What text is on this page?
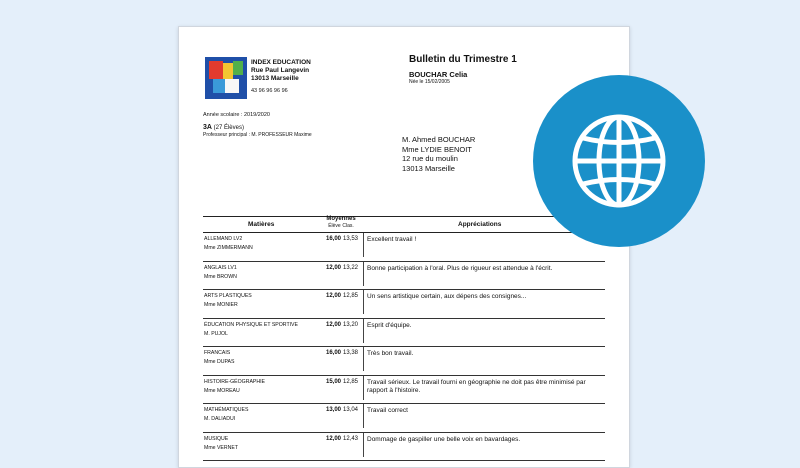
INDEX EDUCATION
Rue Paul Langevin
13013 Marseille
43 96 96 96 96
Bulletin du Trimestre 1
BOUCHAR Celia
Née le 15/02/2005
Année scolaire : 2019/2020
3A (27 Élèves)
Professeur principal : M. PROFESSEUR Maxime	M. Ahmed BOUCHAR
Mme LYDIE BENOIT
12 rue du moulin
13013 Marseille
Matières
Moyennes
Élève Clas.	Appréciations
ALLEMAND LV2
Mme ZIMMERMANN
16,00 13,53	Excellent travail !
ANGLAIS LV1
Mme BROWN
12,00 13,22	Bonne participation à l'oral. Plus de rigueur est attendue à l'écrit.
ARTS PLASTIQUES
Mme MONIER
12,00 12,85	Un sens artistique certain, aux dépens des consignes...
ÉDUCATION PHYSIQUE ET SPORTIVE
M. PUJOL
12,00 13,20	Esprit d'équipe.
FRANCAIS
Mme DUPAS
16,00 13,38	Très bon travail.
HISTOIRE-GÉOGRAPHIE
Mme MOREAU
15,00 12,85	Travail sérieux. Le travail fourni en géographie ne doit pas être minimisé par rapport à l'histoire.
MATHÉMATIQUES
M. DALIADUI
13,00 13,04	Travail correct
MUSIQUE
Mme VERNET
12,00 12,43	Dommage de gaspiller une belle voix en bavardages.
